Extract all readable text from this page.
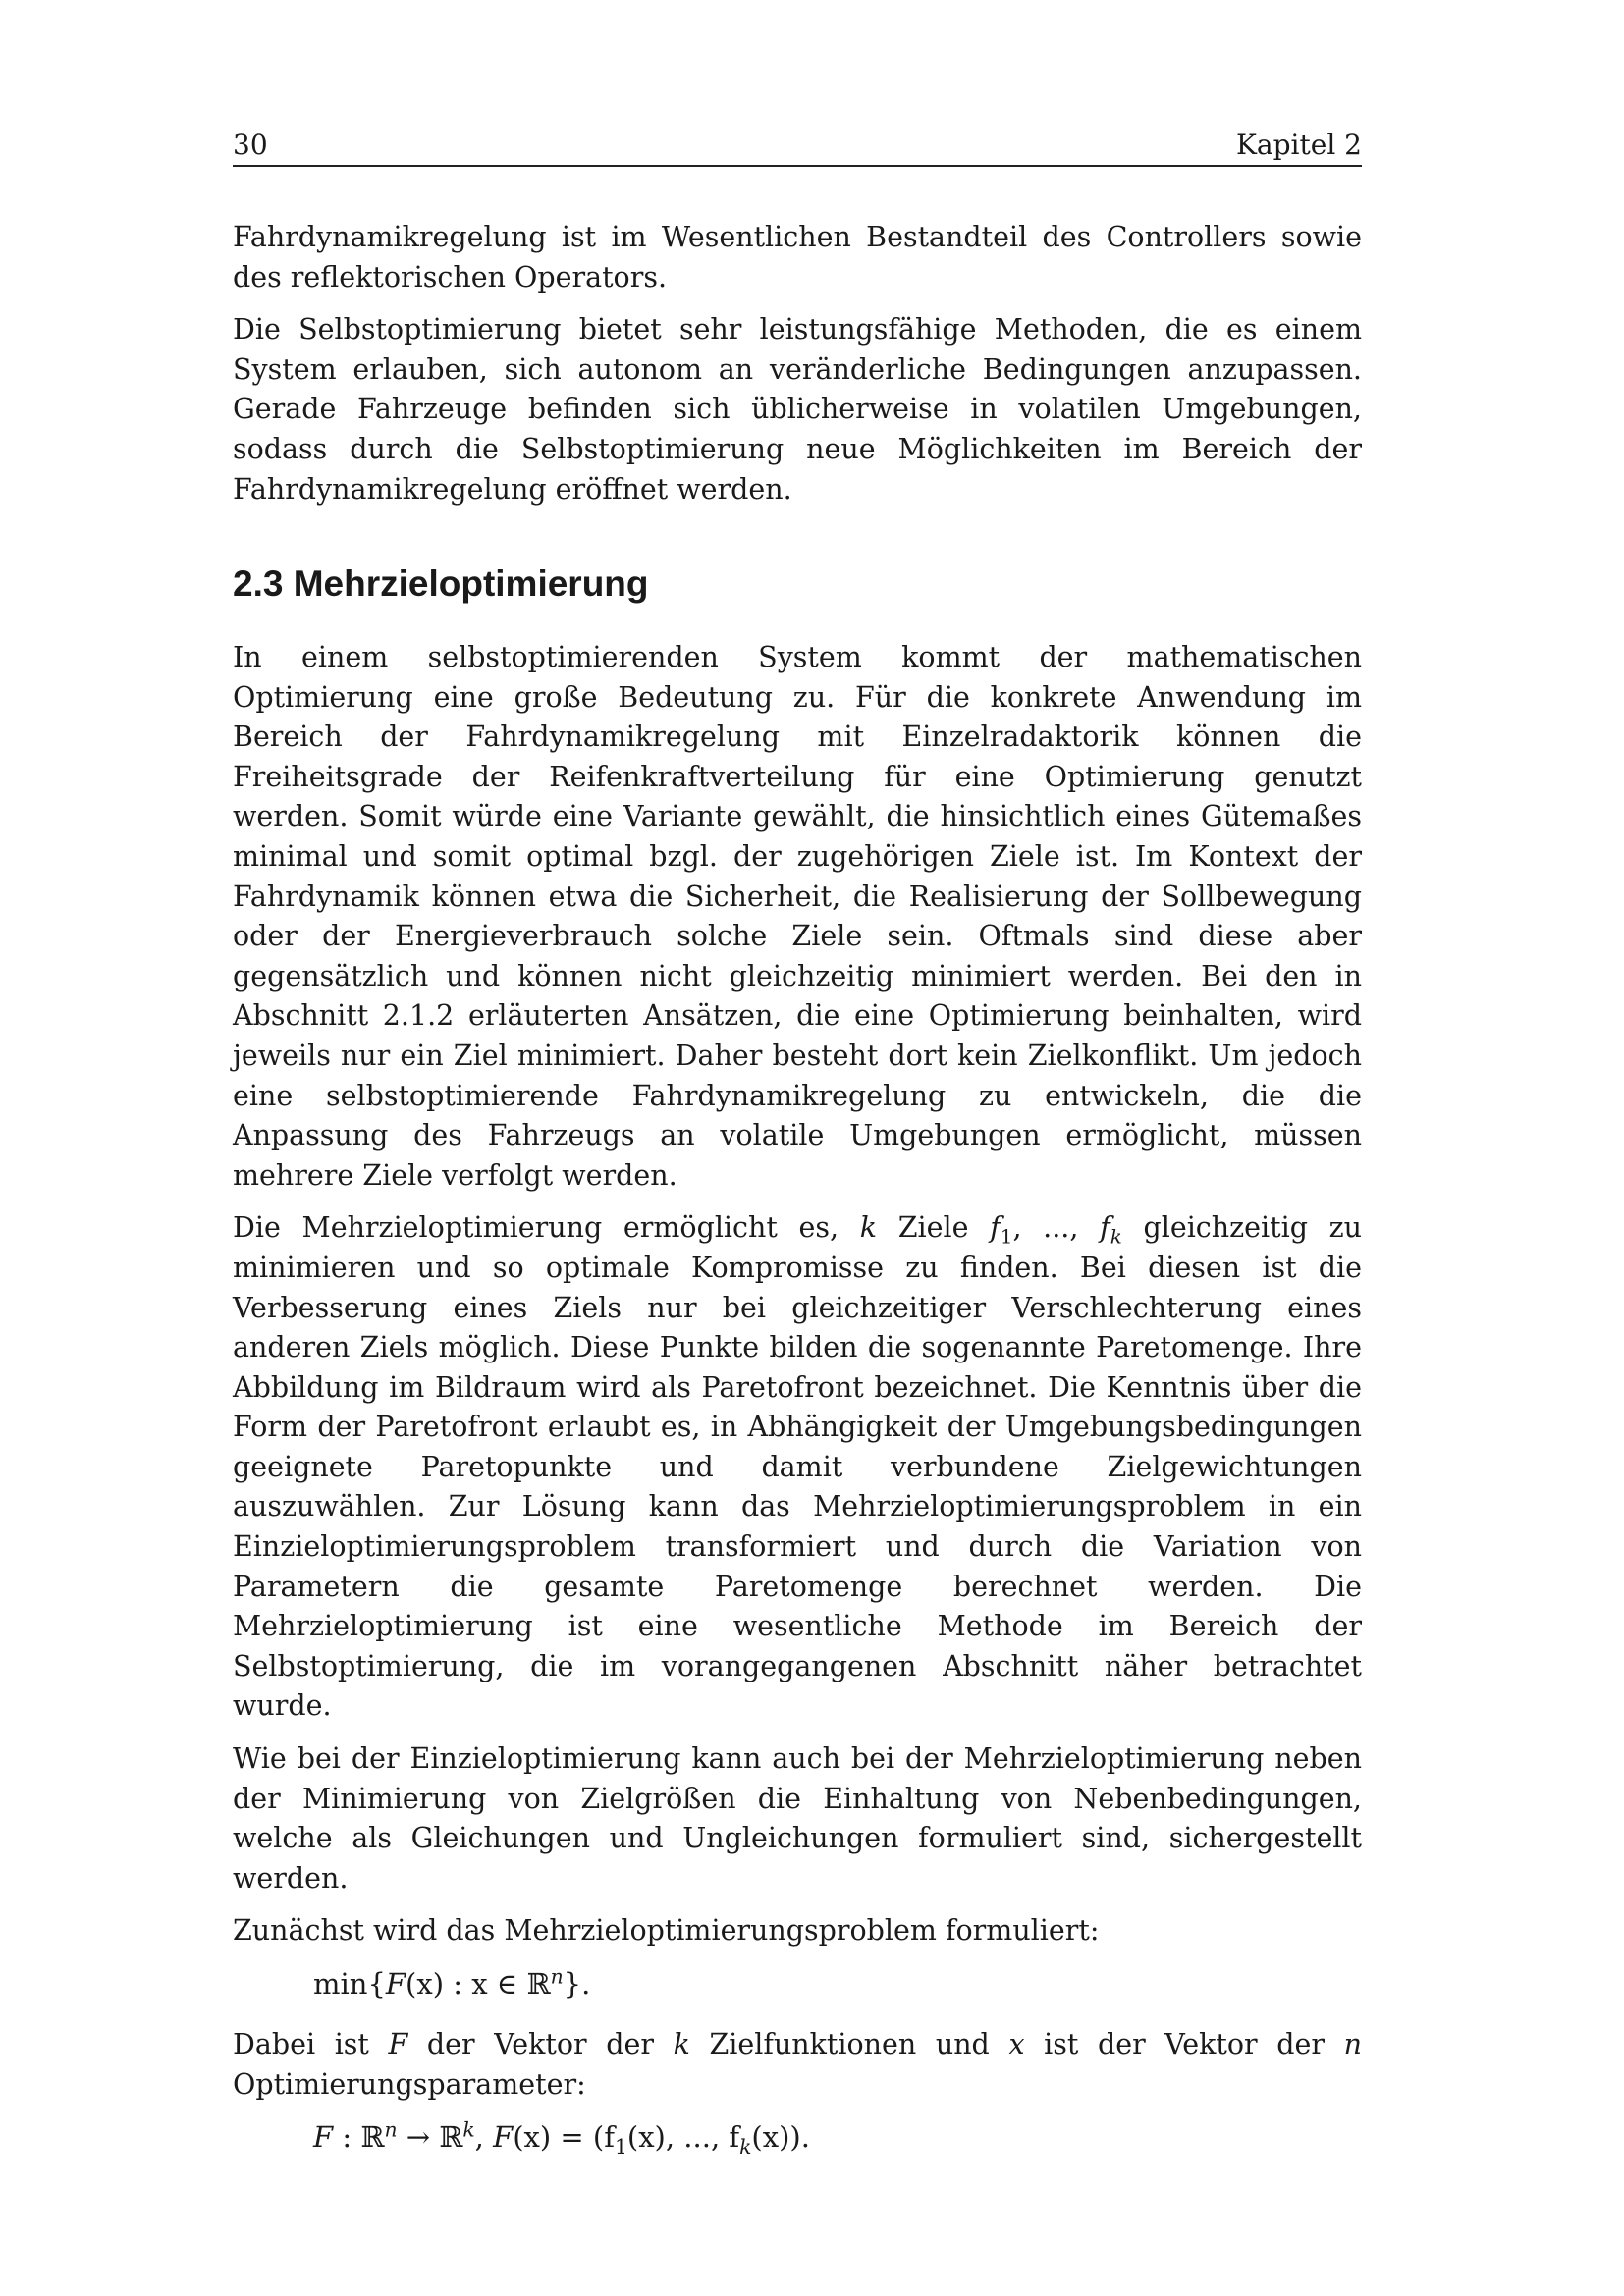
30	Kapitel 2

Fahrdynamikregelung ist im Wesentlichen Bestandteil des Controllers sowie des reflektorischen Operators.

Die Selbstoptimierung bietet sehr leistungsfähige Methoden, die es einem System erlauben, sich autonom an veränderliche Bedingungen anzupassen. Gerade Fahrzeuge befinden sich üblicherweise in volatilen Umgebungen, sodass durch die Selbstoptimierung neue Möglichkeiten im Bereich der Fahrdynamikregelung eröffnet werden.

2.3 Mehrzieloptimierung

In einem selbstoptimierenden System kommt der mathematischen Optimierung eine große Bedeutung zu. Für die konkrete Anwendung im Bereich der Fahrdynamikregelung mit Einzelradaktorik können die Freiheitsgrade der Reifenkraftverteilung für eine Optimierung genutzt werden. Somit würde eine Variante gewählt, die hinsichtlich eines Gütemaßes minimal und somit optimal bzgl. der zugehörigen Ziele ist. Im Kontext der Fahrdynamik können etwa die Sicherheit, die Realisierung der Sollbewegung oder der Energieverbrauch solche Ziele sein. Oftmals sind diese aber gegensätzlich und können nicht gleichzeitig minimiert werden. Bei den in Abschnitt 2.1.2 erläuterten Ansätzen, die eine Optimierung beinhalten, wird jeweils nur ein Ziel minimiert. Daher besteht dort kein Zielkonflikt. Um jedoch eine selbstoptimierende Fahrdynamikregelung zu entwickeln, die die Anpassung des Fahrzeugs an volatile Umgebungen ermöglicht, müssen mehrere Ziele verfolgt werden.

Die Mehrzieloptimierung ermöglicht es, k Ziele $f_1$, ..., $f_k$ gleichzeitig zu minimieren und so optimale Kompromisse zu finden. Bei diesen ist die Verbesserung eines Ziels nur bei gleichzeitiger Verschlechterung eines anderen Ziels möglich. Diese Punkte bilden die sogenannte Paretomenge. Ihre Abbildung im Bildraum wird als Paretofront bezeichnet. Die Kenntnis über die Form der Paretofront erlaubt es, in Abhängigkeit der Umgebungsbedingungen geeignete Paretopunkte und damit verbundene Zielgewichtungen auszuwählen. Zur Lösung kann das Mehrzieloptimierungsproblem in ein Einzieloptimierungsproblem transformiert und durch die Variation von Parametern die gesamte Paretomenge berechnet werden. Die Mehrzieloptimierung ist eine wesentliche Methode im Bereich der Selbstoptimierung, die im vorangegangenen Abschnitt näher betrachtet wurde.

Wie bei der Einzieloptimierung kann auch bei der Mehrzieloptimierung neben der Minimierung von Zielgrößen die Einhaltung von Nebenbedingungen, welche als Gleichungen und Ungleichungen formuliert sind, sichergestellt werden.

Zunächst wird das Mehrzieloptimierungsproblem formuliert:

min{F(x) : x ∈ ℝ$^n$}.

Dabei ist F der Vektor der k Zielfunktionen und x ist der Vektor der n Optimierungsparameter:

F : ℝ$^n$ → ℝ$^k$, $F(x) = (f_1(x)$, ..., $f_k(x)$).
